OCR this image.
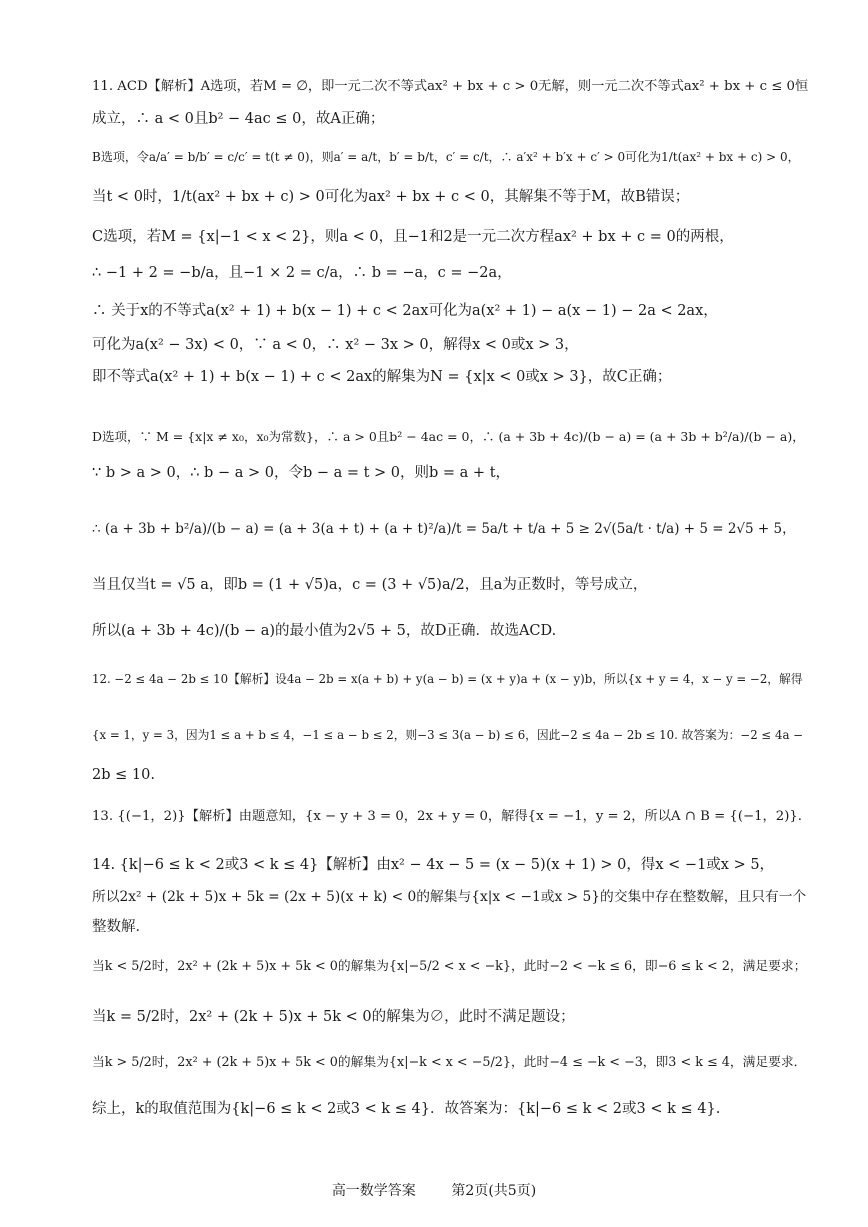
11. ACD【解析】A选项，若M = ∅，即一元二次不等式ax² + bx + c > 0无解，则一元二次不等式ax² + bx + c ≤ 0恒
成立，∴ a < 0且b² − 4ac ≤ 0，故A正确；
B选项，令a/a′ = b/b′ = c/c′ = t(t ≠ 0)，则a′ = a/t，b′ = b/t，c′ = c/t，∴ a′x² + b′x + c′ > 0可化为1/t(ax² + bx + c) > 0，
当t < 0时，1/t(ax² + bx + c) > 0可化为ax² + bx + c < 0，其解集不等于M，故B错误；
C选项，若M = {x|−1 < x < 2}，则a < 0，且−1和2是一元二次方程ax² + bx + c = 0的两根，
∴ −1 + 2 = −b/a，且−1 × 2 = c/a，∴ b = −a，c = −2a，
∴ 关于x的不等式a(x² + 1) + b(x − 1) + c < 2ax可化为a(x² + 1) − a(x − 1) − 2a < 2ax，
可化为a(x² − 3x) < 0，∵ a < 0，∴ x² − 3x > 0，解得x < 0或x > 3，
即不等式a(x² + 1) + b(x − 1) + c < 2ax的解集为N = {x|x < 0或x > 3}，故C正确；
D选项，∵ M = {x|x ≠ x₀，x₀为常数}，∴ a > 0且b² − 4ac = 0，∴ (a + 3b + 4c)/(b − a) = (a + 3b + b²/a)/(b − a)，
∵ b > a > 0，∴ b − a > 0，令b − a = t > 0，则b = a + t，
∴ (a + 3b + b²/a)/(b − a) = (a + 3(a + t) + (a + t)²/a)/t = 5a/t + t/a + 5 ≥ 2√(5a/t · t/a) + 5 = 2√5 + 5，
当且仅当t = √5 a，即b = (1 + √5)a，c = (3 + √5)a/2，且a为正数时，等号成立，
所以(a + 3b + 4c)/(b − a)的最小值为2√5 + 5，故D正确．故选ACD.
12. −2 ≤ 4a − 2b ≤ 10【解析】设4a − 2b = x(a + b) + y(a − b) = (x + y)a + (x − y)b，所以{x + y = 4，x − y = −2，解得
{x = 1，y = 3，因为1 ≤ a + b ≤ 4，−1 ≤ a − b ≤ 2，则−3 ≤ 3(a − b) ≤ 6，因此−2 ≤ 4a − 2b ≤ 10. 故答案为：−2 ≤ 4a −
2b ≤ 10.
13. {(−1，2)}【解析】由题意知，{x − y + 3 = 0，2x + y = 0，解得{x = −1，y = 2，所以A ∩ B = {(−1，2)}.
14. {k|−6 ≤ k < 2或3 < k ≤ 4}【解析】由x² − 4x − 5 = (x − 5)(x + 1) > 0，得x < −1或x > 5，
所以2x² + (2k + 5)x + 5k = (2x + 5)(x + k) < 0的解集与{x|x < −1或x > 5}的交集中存在整数解，且只有一个
整数解．
当k < 5/2时，2x² + (2k + 5)x + 5k < 0的解集为{x|−5/2 < x < −k}，此时−2 < −k ≤ 6，即−6 ≤ k < 2，满足要求；
当k = 5/2时，2x² + (2k + 5)x + 5k < 0的解集为∅，此时不满足题设；
当k > 5/2时，2x² + (2k + 5)x + 5k < 0的解集为{x|−k < x < −5/2}，此时−4 ≤ −k < −3，即3 < k ≤ 4，满足要求．
综上，k的取值范围为{k|−6 ≤ k < 2或3 < k ≤ 4}．故答案为：{k|−6 ≤ k < 2或3 < k ≤ 4}.
高一数学答案	第2页(共5页)
